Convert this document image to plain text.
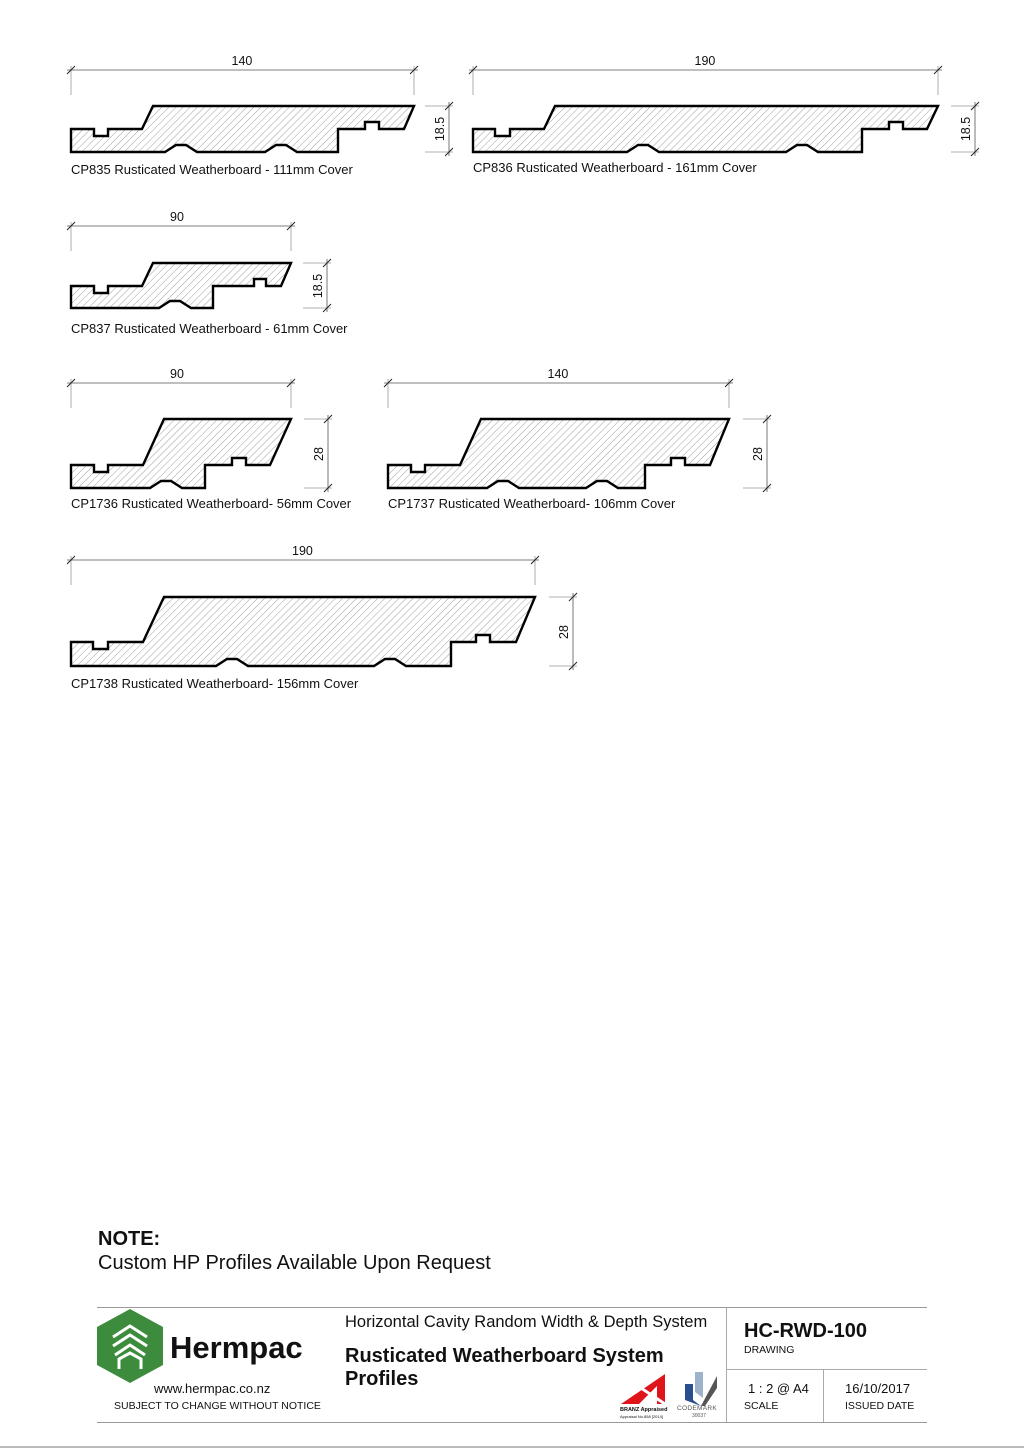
140
18.5
CP835 Rusticated Weatherboard - 111mm Cover
190
18.5
CP836 Rusticated Weatherboard - 161mm Cover
90
18.5
CP837 Rusticated Weatherboard - 61mm Cover
90
28
CP1736 Rusticated Weatherboard- 56mm Cover
140
28
CP1737 Rusticated Weatherboard- 106mm Cover
190
28
CP1738 Rusticated Weatherboard- 156mm Cover
NOTE:
Custom HP Profiles Available Upon Request
Hermpac
www.hermpac.co.nz
SUBJECT TO CHANGE WITHOUT NOTICE
Horizontal Cavity Random Width & Depth System
Rusticated Weatherboard System
Profiles
BRANZ Appraised
Appraisal No.858 [2014]
CODEMARK
30037
HC-RWD-100
DRAWING
1 : 2 @ A4
SCALE
16/10/2017
ISSUED DATE
